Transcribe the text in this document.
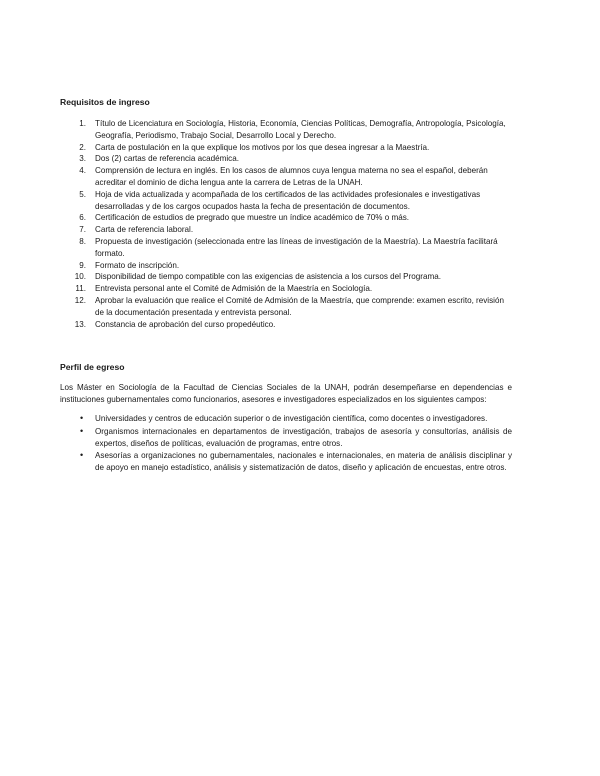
Requisitos de ingreso
1. Título de Licenciatura en Sociología, Historia, Economía, Ciencias Políticas, Demografía, Antropología, Psicología, Geografía, Periodismo, Trabajo Social, Desarrollo Local y Derecho.
2. Carta de postulación en la que explique los motivos por los que desea ingresar a la Maestría.
3. Dos (2) cartas de referencia académica.
4. Comprensión de lectura en inglés. En los casos de alumnos cuya lengua materna no sea el español, deberán acreditar el dominio de dicha lengua ante la carrera de Letras de la UNAH.
5. Hoja de vida actualizada y acompañada de los certificados de las actividades profesionales e investigativas desarrolladas y de los cargos ocupados hasta la fecha de presentación de documentos.
6. Certificación de estudios de pregrado que muestre un índice académico de 70% o más.
7. Carta de referencia laboral.
8. Propuesta de investigación (seleccionada entre las líneas de investigación de la Maestría). La Maestría facilitará formato.
9. Formato de inscripción.
10. Disponibilidad de tiempo compatible con las exigencias de asistencia a los cursos del Programa.
11. Entrevista personal ante el Comité de Admisión de la Maestría en Sociología.
12. Aprobar la evaluación que realice el Comité de Admisión de la Maestría, que comprende: examen escrito, revisión de la documentación presentada y entrevista personal.
13. Constancia de aprobación del curso propedéutico.
Perfil de egreso

Los Máster en Sociología de la Facultad de Ciencias Sociales de la UNAH, podrán desempeñarse en dependencias e instituciones gubernamentales como funcionarios, asesores e investigadores especializados en los siguientes campos:

• Universidades y centros de educación superior o de investigación científica, como docentes o investigadores.
• Organismos internacionales en departamentos de investigación, trabajos de asesoría y consultorías, análisis de expertos, diseños de políticas, evaluación de programas, entre otros.
• Asesorías a organizaciones no gubernamentales, nacionales e internacionales, en materia de análisis disciplinar y de apoyo en manejo estadístico, análisis y sistematización de datos, diseño y aplicación de encuestas, entre otros.
